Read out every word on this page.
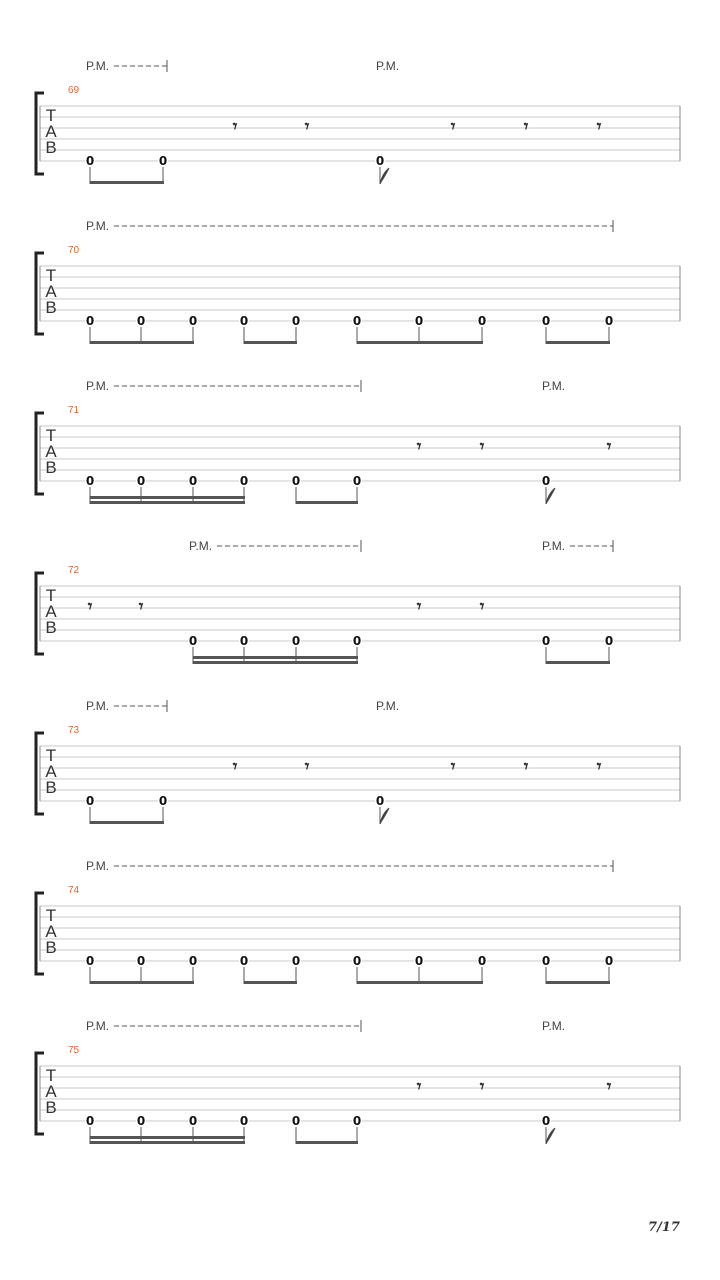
T
A
B
69
P.M.	P.M.
0	0
𝄾	𝄾
0
𝄾	𝄾	𝄾
T
A
B
70
P.M.
0	0	0	0	0	0	0	0	0	0
T
A
B
71
P.M.	P.M.
0	0	0	0	0	0
𝄾	𝄾
0
𝄾
T
A
B
72
P.M.	P.M.
𝄾	𝄾
0	0	0	0
𝄾	𝄾
0	0
T
A
B
73
P.M.	P.M.
0	0
𝄾	𝄾
0
𝄾	𝄾	𝄾
T
A
B
74
P.M.
0	0	0	0	0	0	0	0	0	0
T
A
B
75
P.M.	P.M.
0	0	0	0	0	0
𝄾	𝄾
0
𝄾
7/17
